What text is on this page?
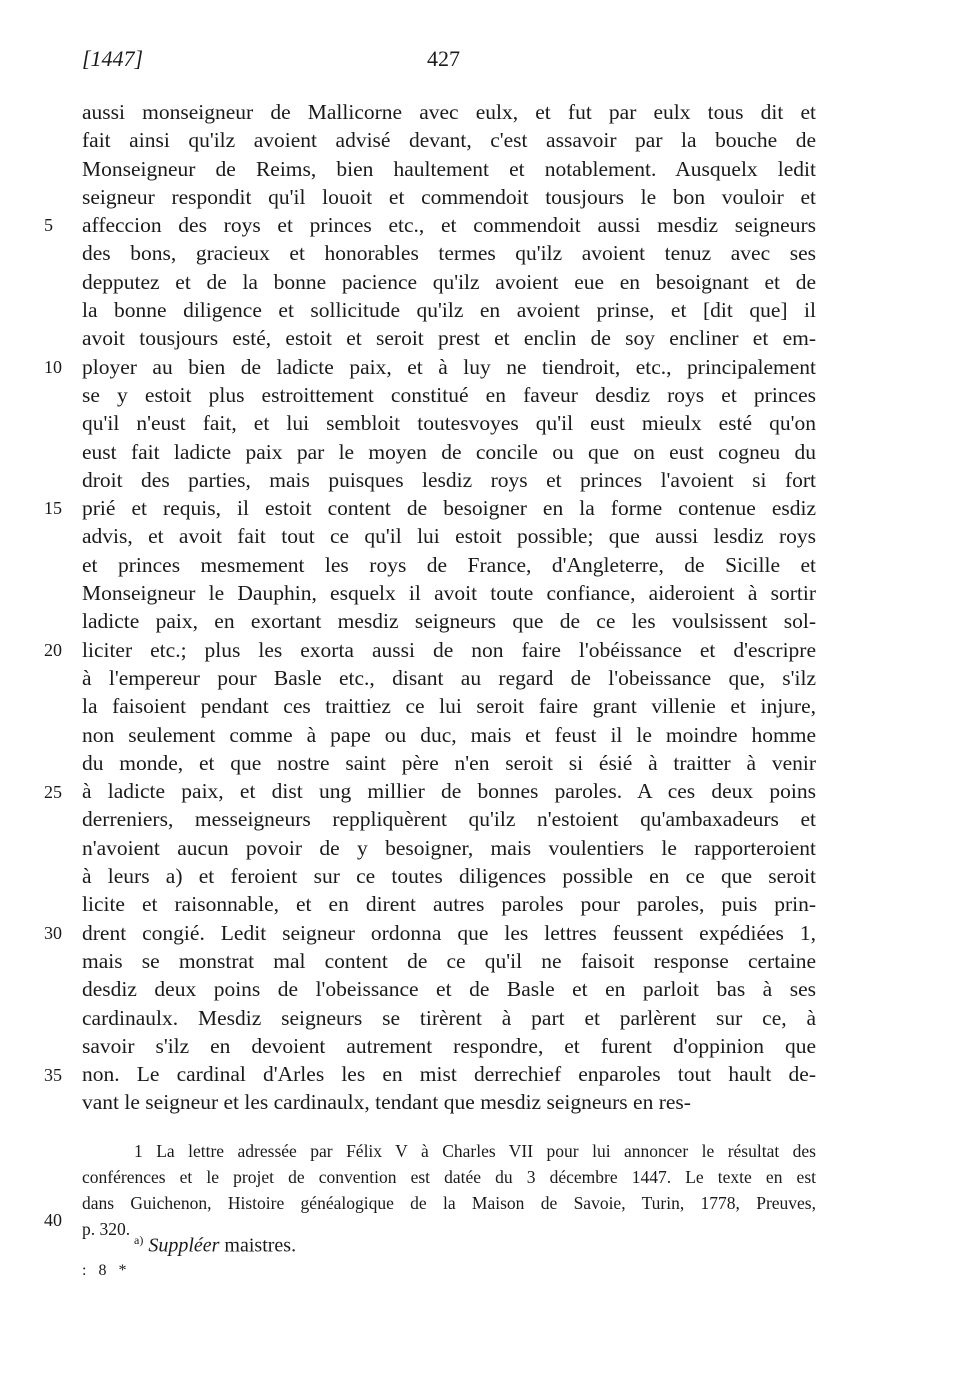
[1447]	427
5
10
15
20
25
30
35
aussi monseigneur de Mallicorne avec eulx, et fut par eulx tous dit et
fait ainsi qu'ilz avoient advisé devant, c'est assavoir par la bouche de
Monseigneur de Reims, bien haultement et notablement. Ausquelx ledit
seigneur respondit qu'il louoit et commendoit tousjours le bon vouloir et
affeccion des roys et princes etc., et commendoit aussi mesdiz seigneurs
des bons, gracieux et honorables termes qu'ilz avoient tenuz avec ses
depputez et de la bonne pacience qu'ilz avoient eue en besoignant et de
la bonne diligence et sollicitude qu'ilz en avoient prinse, et [dit que] il
avoit tousjours esté, estoit et seroit prest et enclin de soy encliner et em-
ployer au bien de ladicte paix, et à luy ne tiendroit, etc., principalement
se y estoit plus estroittement constitué en faveur desdiz roys et princes
qu'il n'eust fait, et lui sembloit toutesvoyes qu'il eust mieulx esté qu'on
eust fait ladicte paix par le moyen de concile ou que on eust cogneu du
droit des parties, mais puisques lesdiz roys et princes l'avoient si fort
prié et requis, il estoit content de besoigner en la forme contenue esdiz
advis, et avoit fait tout ce qu'il lui estoit possible; que aussi lesdiz roys
et princes mesmement les roys de France, d'Angleterre, de Sicille et
Monseigneur le Dauphin, esquelx il avoit toute confiance, aideroient à sortir
ladicte paix, en exortant mesdiz seigneurs que de ce les voulsissent sol-
liciter etc.; plus les exorta aussi de non faire l'obéissance et d'escripre
à l'empereur pour Basle etc., disant au regard de l'obeissance que, s'ilz
la faisoient pendant ces traittiez ce lui seroit faire grant villenie et injure,
non seulement comme à pape ou duc, mais et feust il le moindre homme
du monde, et que nostre saint père n'en seroit si ésié à traitter à venir
à ladicte paix, et dist ung millier de bonnes paroles. A ces deux poins
derreniers, messeigneurs reppliquèrent qu'ilz n'estoient qu'ambaxadeurs et
n'avoient aucun povoir de y besoigner, mais voulentiers le rapporteroient
à leurs a) et feroient sur ce toutes diligences possible en ce que seroit
licite et raisonnable, et en dirent autres paroles pour paroles, puis prin-
drent congié. Ledit seigneur ordonna que les lettres feussent expédiées 1,
mais se monstrat mal content de ce qu'il ne faisoit response certaine
desdiz deux poins de l'obeissance et de Basle et en parloit bas à ses
cardinaulx. Mesdiz seigneurs se tirèrent à part et parlèrent sur ce, à
savoir s'ilz en devoient autrement respondre, et furent d'oppinion que
non. Le cardinal d'Arles les en mist derrechief enparoles tout hault de-
vant le seigneur et les cardinaulx, tendant que mesdiz seigneurs en res-
1 La lettre adressée par Félix V à Charles VII pour lui annoncer le résultat des
conférences et le projet de convention est datée du 3 décembre 1447. Le texte en est
dans Guichenon, Histoire généalogique de la Maison de Savoie, Turin, 1778, Preuves,
p. 320.
40
$^{a)}$ Suppléer maistres.
: 8 *
